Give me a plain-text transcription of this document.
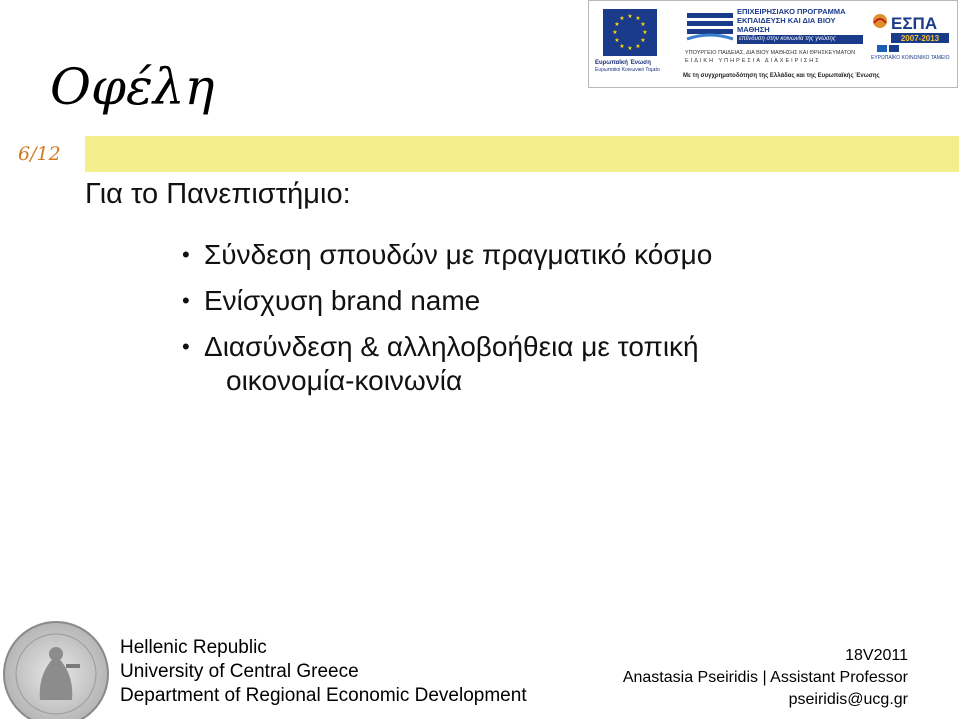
Οφέλη
★ ★
★
★
★
★
★
★
★
★
★
★
Ευρωπαϊκή Ένωση
Ευρωπαϊκό Κοινωνικό Ταμείο
ΕΠΙΧΕΙΡΗΣΙΑΚΟ ΠΡΟΓΡΑΜΜΑ
ΕΚΠΑΙΔΕΥΣΗ ΚΑΙ ΔΙΑ ΒΙΟΥ ΜΑΘΗΣΗ
επένδυση στην κοινωνία της γνώσης
ΥΠΟΥΡΓΕΙΟ ΠΑΙΔΕΙΑΣ, ΔΙΑ ΒΙΟΥ ΜΑΘΗΣΗΣ ΚΑΙ ΘΡΗΣΚΕΥΜΑΤΩΝ
ΕΙΔΙΚΗ ΥΠΗΡΕΣΙΑ ΔΙΑΧΕΙΡΙΣΗΣ
ΕΣΠΑ
2007-2013
ΕΥΡΩΠΑΪΚΟ ΚΟΙΝΩΝΙΚΟ ΤΑΜΕΙΟ
Με τη συγχρηματοδότηση της Ελλάδας και της Ευρωπαϊκής Ένωσης
6/12
Για το Πανεπιστήμιο:
• Σύνδεση σπουδών με πραγματικό κόσμο
• Ενίσχυση brand name
• Διασύνδεση & αλληλοβοήθεια με τοπική οικονομία-κοινωνία
Hellenic Republic
University of Central Greece
Department of Regional Economic Development
18V2011
Anastasia Pseiridis | Assistant Professor
pseiridis@ucg.gr
